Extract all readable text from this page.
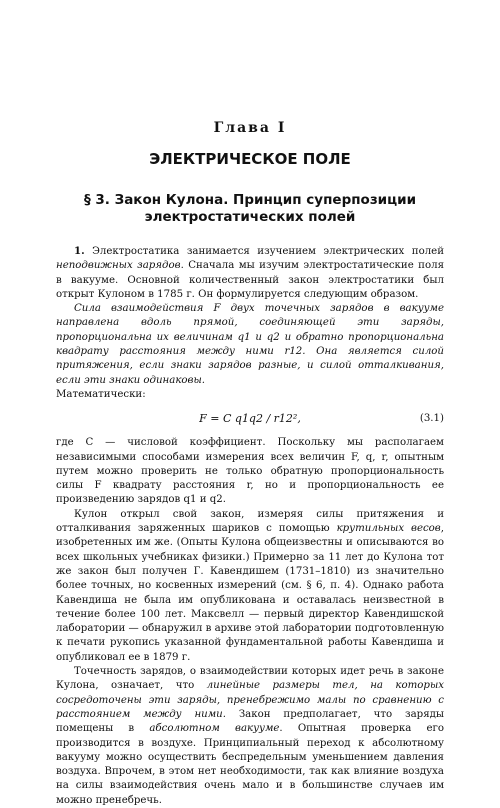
Глава I
ЭЛЕКТРИЧЕСКОЕ ПОЛЕ
§ 3. Закон Кулона. Принцип суперпозиции
электростатических полей

1. Электростатика занимается изучением электрических полей неподвижных зарядов. Сначала мы изучим электростатические поля в вакууме. Основной количественный закон электростатики был открыт Кулоном в 1785 г. Он формулируется следующим образом.

Сила взаимодействия F двух точечных зарядов в вакууме направлена вдоль прямой, соединяющей эти заряды, пропорциональна их величинам q1 и q2 и обратно пропорциональна квадрату расстояния между ними r12. Она является силой притяжения, если знаки зарядов разные, и силой отталкивания, если эти знаки одинаковы.

Математически:

F = C q1q2 / r12²,	(3.1)

где C — числовой коэффициент. Поскольку мы располагаем независимыми способами измерения всех величин F, q, r, опытным путем можно проверить не только обратную пропорциональность силы F квадрату расстояния r, но и пропорциональность ее произведению зарядов q1 и q2.

Кулон открыл свой закон, измеряя силы притяжения и отталкивания заряженных шариков с помощью крутильных весов, изобретенных им же. (Опыты Кулона общеизвестны и описываются во всех школьных учебниках физики.) Примерно за 11 лет до Кулона тот же закон был получен Г. Кавендишем (1731–1810) из значительно более точных, но косвенных измерений (см. § 6, п. 4). Однако работа Кавендиша не была им опубликована и оставалась неизвестной в течение более 100 лет. Максвелл — первый директор Кавендишской лаборатории — обнаружил в архиве этой лаборатории подготовленную к печати рукопись указанной фундаментальной работы Кавендиша и опубликовал ее в 1879 г.

Точечность зарядов, о взаимодействии которых идет речь в законе Кулона, означает, что линейные размеры тел, на которых сосредоточены эти заряды, пренебрежимо малы по сравнению с расстоянием между ними. Закон предполагает, что заряды помещены в абсолютном вакууме. Опытная проверка его производится в воздухе. Принципиальный переход к абсолютному вакууму можно осуществить беспредельным уменьшением давления воздуха. Впрочем, в этом нет необходимости, так как влияние воздуха на силы взаимодействия очень мало и в большинстве случаев им можно пренебречь.
